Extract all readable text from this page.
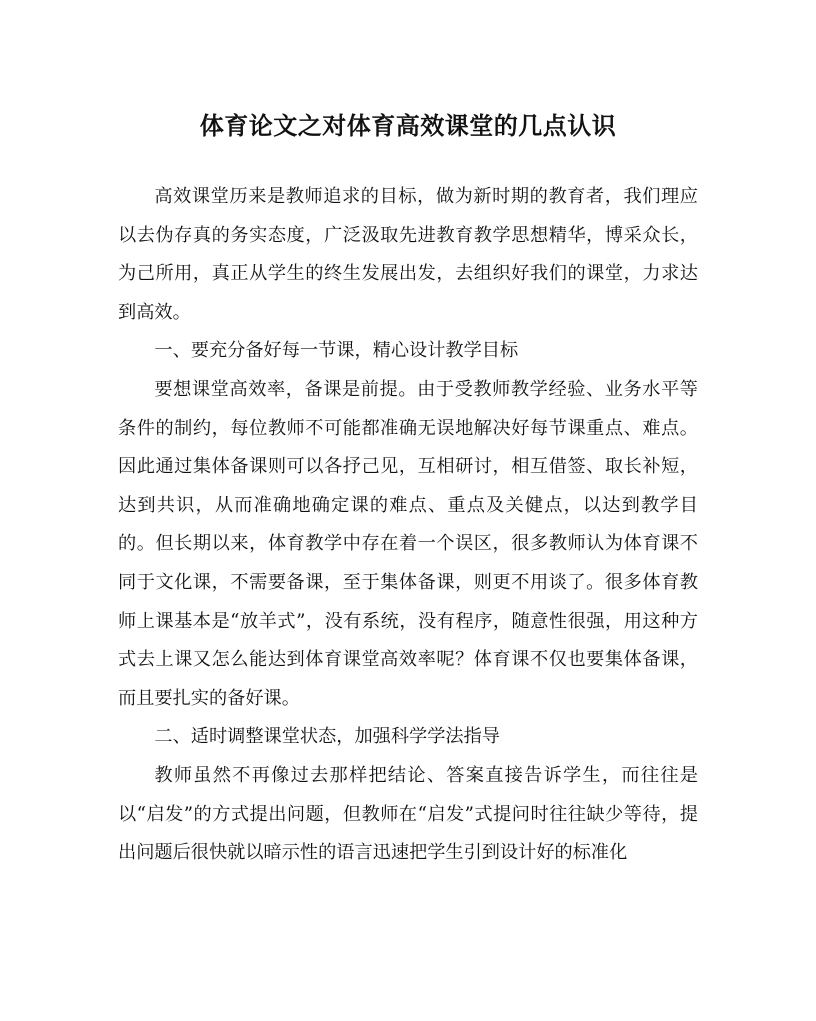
体育论文之对体育高效课堂的几点认识

高效课堂历来是教师追求的目标，做为新时期的教育者，我们理应以去伪存真的务实态度，广泛汲取先进教育教学思想精华，博采众长，为己所用，真正从学生的终生发展出发，去组织好我们的课堂，力求达到高效。

一、要充分备好每一节课，精心设计教学目标

要想课堂高效率，备课是前提。由于受教师教学经验、业务水平等条件的制约，每位教师不可能都准确无误地解决好每节课重点、难点。因此通过集体备课则可以各抒己见，互相研讨，相互借签、取长补短，达到共识，从而准确地确定课的难点、重点及关健点，以达到教学目的。但长期以来，体育教学中存在着一个误区，很多教师认为体育课不同于文化课，不需要备课，至于集体备课，则更不用谈了。很多体育教师上课基本是“放羊式”，没有系统，没有程序，随意性很强，用这种方式去上课又怎么能达到体育课堂高效率呢？体育课不仅也要集体备课，而且要扎实的备好课。

二、适时调整课堂状态，加强科学学法指导

教师虽然不再像过去那样把结论、答案直接告诉学生，而往往是以“启发”的方式提出问题，但教师在“启发”式提问时往往缺少等待，提出问题后很快就以暗示性的语言迅速把学生引到设计好的标准化
